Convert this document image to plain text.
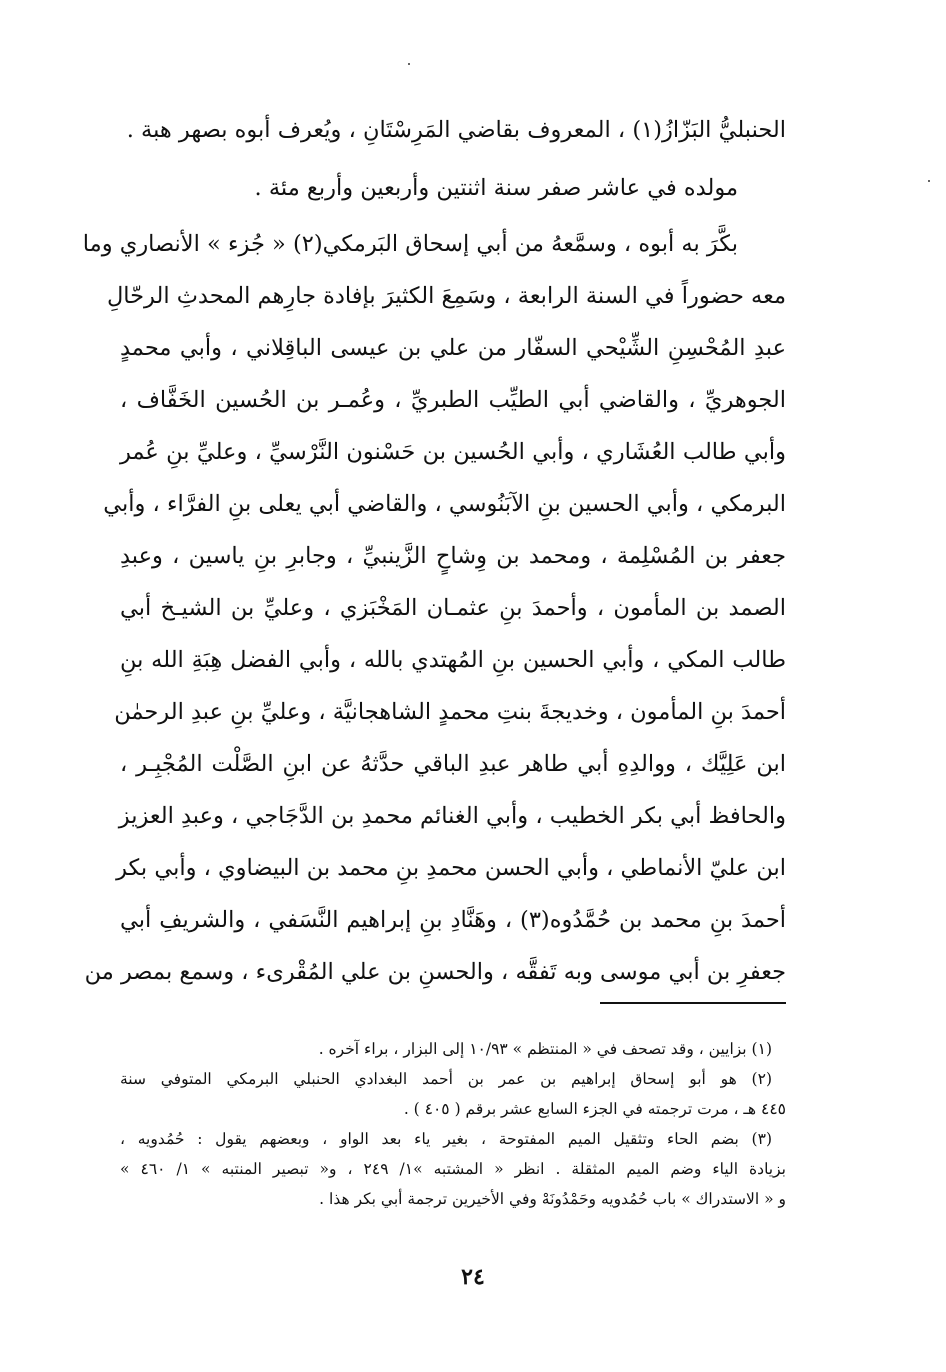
الحنبليُّ البَزّازُ(١) ، المعروف بقاضي المَرِسْتَانِ ، ويُعرف أبوه بصهر هبة .
مولده في عاشر صفر سنة اثنتين وأربعين وأربع مئة .
بكَّرَ به أبوه ، وسمَّعهُ من أبي إسحاق البَرمكي(٢) « جُزء » الأنصاري وما
معه حضوراً في السنة الرابعة ، وسَمِعَ الكثيرَ بإفادة جارِهم المحدثِ الرحّالِ
عبدِ المُحْسِنِ الشِّيْحي السفّار من علي بن عيسى الباقِلاني ، وأبي محمدٍ
الجوهريِّ ، والقاضي أبي الطيِّب الطبريِّ ، وعُمـر بن الحُسين الخَفَّاف ،
وأبي طالب العُشَاري ، وأبي الحُسين بن حَسْنون النَّرْسيِّ ، وعليِّ بنِ عُمر
البرمكي ، وأبي الحسين بنِ الآبَنُوسي ، والقاضي أبي يعلى بنِ الفرَّاء ، وأبي
جعفر بن المُسْلِمة ، ومحمد بن وِشاحٍ الزَّينبيِّ ، وجابرِ بنِ ياسين ، وعبدِ
الصمد بن المأمون ، وأحمدَ بنِ عثمـان المَخْبَزي ، وعليِّ بن الشيـخ أبي
طالب المكي ، وأبي الحسين بنِ المُهتدي بالله ، وأبي الفضل هِبَةِ الله بنِ
أحمدَ بنِ المأمون ، وخديجةَ بنتِ محمدٍ الشاهجانيَّة ، وعليِّ بنِ عبدِ الرحمٰن
ابن عَلِيَّك ، ووالدِهِ أبي طاهر عبدِ الباقي حدَّثهُ عن ابنِ الصَّلْت المُجْبِـر ،
والحافظ أبي بكر الخطيب ، وأبي الغنائم محمدِ بن الدَّجَاجي ، وعبدِ العزيز
ابن عليّ الأنماطي ، وأبي الحسن محمدِ بنِ محمد بن البيضاوي ، وأبي بكر
أحمدَ بنِ محمد بن حُمَّدُوه(٣) ، وهَنَّادِ بنِ إبراهيم النَّسَفي ، والشريفِ أبي
جعفرِ بن أبي موسى وبه تَفقَّه ، والحسنِ بن علي المُقْرىء ، وسمع بمصر من
(١) بزايين ، وقد تصحف في « المنتظم » ١٠/٩٣ إلى البزار ، براء آخره .
(٢) هو أبو إسحاق إبراهيم بن عمر بن أحمد البغدادي الحنبلي البرمكي المتوفي سنة
٤٤٥ هـ ، مرت ترجمته في الجزء السابع عشر برقم ( ٤٠٥ ) .
(٣) بضم الحاء وتثقيل الميم المفتوحة ، بغير ياء بعد الواو ، وبعضهم يقول : حُمُدويه ،
بزيادة الياء وضم الميم المثقلة . انظر « المشتبه »١/ ٢٤٩ ، و« تبصير المنتبه » ١/ ٤٦٠ »
و « الاستدراك » باب حُمُدويه وحَمْدُونَهْ وفي الأخيرين ترجمة أبي بكر هذا .
٢٤
